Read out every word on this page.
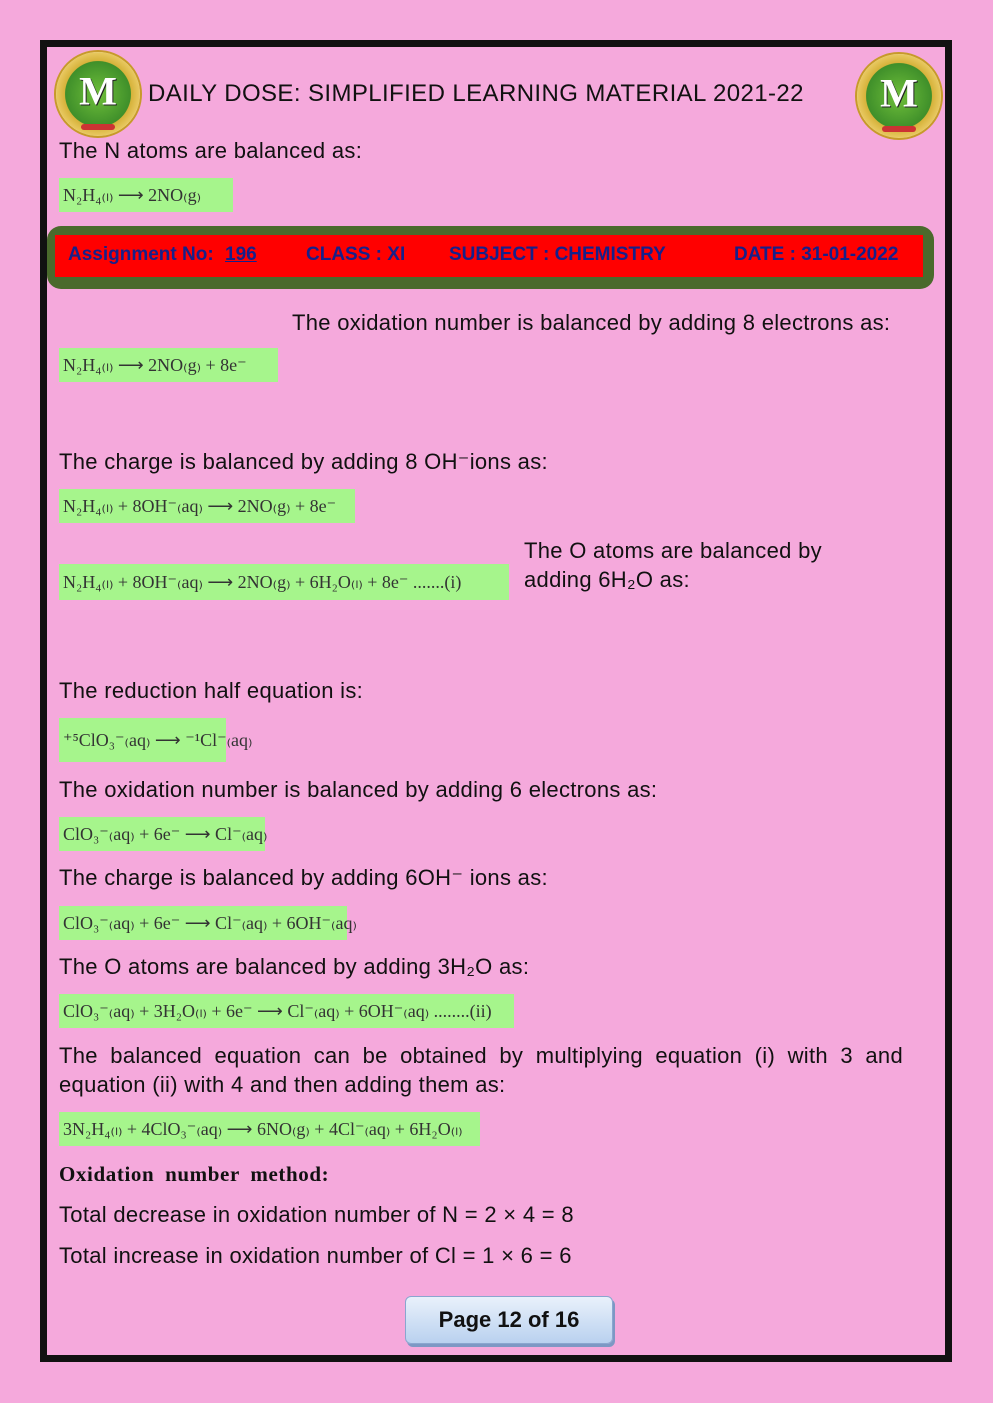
M DAILY DOSE: SIMPLIFIED LEARNING MATERIAL 2021-22 M
The N atoms are balanced as:
N₂H₄₍ₗ₎ ⟶ 2NO₍g₎
Assignment No: 196	CLASS : XI SUBJECT : CHEMISTRY	DATE : 31-01-2022
The oxidation number is balanced by adding 8 electrons as:
N₂H₄₍ₗ₎ ⟶ 2NO₍g₎ + 8e⁻
The charge is balanced by adding 8 OH⁻ions as:
N₂H₄₍ₗ₎ + 8OH⁻₍aq₎ ⟶ 2NO₍g₎ + 8e⁻
The O atoms are balanced by adding 6H₂O as:
N₂H₄₍ₗ₎ + 8OH⁻₍aq₎ ⟶ 2NO₍g₎ + 6H₂O₍ₗ₎ + 8e⁻ .......(i)
The reduction half equation is:
⁺⁵ClO₃⁻₍aq₎ ⟶ ⁻¹Cl⁻₍aq₎
The oxidation number is balanced by adding 6 electrons as:
ClO₃⁻₍aq₎ + 6e⁻ ⟶ Cl⁻₍aq₎
The charge is balanced by adding 6OH⁻ ions as:
ClO₃⁻₍aq₎ + 6e⁻ ⟶ Cl⁻₍aq₎ + 6OH⁻₍aq₎
The O atoms are balanced by adding 3H₂O as:
ClO₃⁻₍aq₎ + 3H₂O₍ₗ₎ + 6e⁻ ⟶ Cl⁻₍aq₎ + 6OH⁻₍aq₎ ........(ii)
The balanced equation can be obtained by multiplying equation (i) with 3 and equation (ii) with 4 and then adding them as:
3N₂H₄₍ₗ₎ + 4ClO₃⁻₍aq₎ ⟶ 6NO₍g₎ + 4Cl⁻₍aq₎ + 6H₂O₍ₗ₎
Oxidation number method:
Total decrease in oxidation number of N = 2 × 4 = 8
Total increase in oxidation number of Cl = 1 × 6 = 6
Page 12 of 16
